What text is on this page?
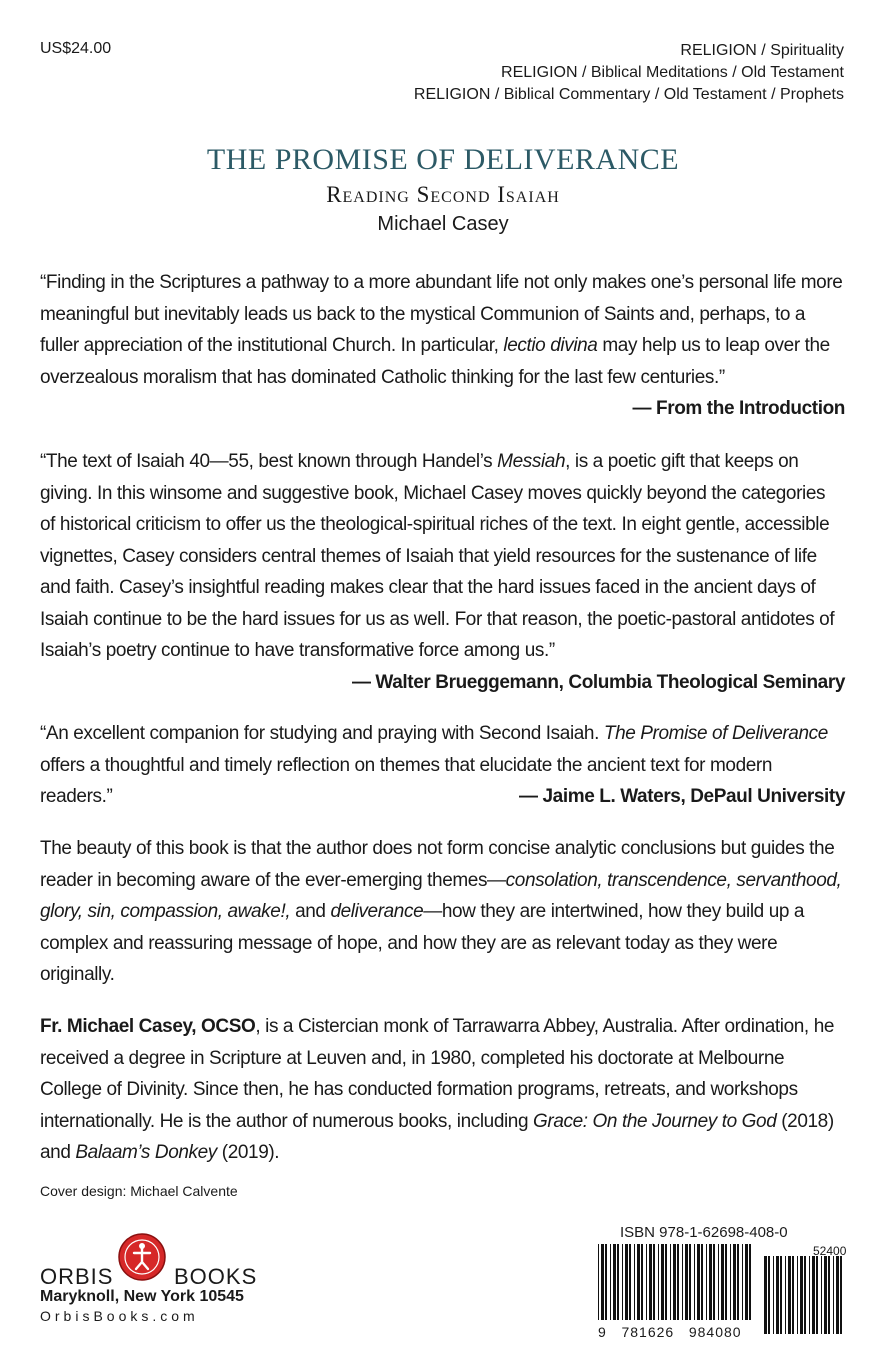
US$24.00	RELIGION / Spirituality
RELIGION / Biblical Meditations / Old Testament
RELIGION / Biblical Commentary / Old Testament / Prophets
THE PROMISE OF DELIVERANCE
Reading Second Isaiah
Michael Casey
“Finding in the Scriptures a pathway to a more abundant life not only makes one’s personal life more meaningful but inevitably leads us back to the mystical Communion of Saints and, perhaps, to a fuller appreciation of the institutional Church. In particular, lectio divina may help us to leap over the overzealous moralism that has dominated Catholic thinking for the last few centuries.”
— From the Introduction
“The text of Isaiah 40—55, best known through Handel’s Messiah, is a poetic gift that keeps on giving. In this winsome and suggestive book, Michael Casey moves quickly beyond the categories of historical criticism to offer us the theological-spiritual riches of the text. In eight gentle, accessible vignettes, Casey considers central themes of Isaiah that yield resources for the sustenance of life and faith. Casey’s insightful reading makes clear that the hard issues faced in the ancient days of Isaiah continue to be the hard issues for us as well. For that reason, the poetic-pastoral antidotes of Isaiah’s poetry continue to have transformative force among us.”
— Walter Brueggemann, Columbia Theological Seminary
“An excellent companion for studying and praying with Second Isaiah. The Promise of Deliverance offers a thoughtful and timely reflection on themes that elucidate the ancient text for modern readers.”	— Jaime L. Waters, DePaul University
The beauty of this book is that the author does not form concise analytic conclusions but guides the reader in becoming aware of the ever-emerging themes—consolation, transcendence, servanthood, glory, sin, compassion, awake!, and deliverance—how they are intertwined, how they build up a complex and reassuring message of hope, and how they are as relevant today as they were originally.
Fr. Michael Casey, OCSO, is a Cistercian monk of Tarrawarra Abbey, Australia. After ordination, he received a degree in Scripture at Leuven and, in 1980, completed his doctorate at Melbourne College of Divinity. Since then, he has conducted formation programs, retreats, and workshops internationally. He is the author of numerous books, including Grace: On the Journey to God (2018) and Balaam’s Donkey (2019).
Cover design: Michael Calvente
ORBIS	BOOKS
Maryknoll, New York 10545
OrbisBooks.com
ISBN 978-1-62698-408-0
52400
9 781626 984080
